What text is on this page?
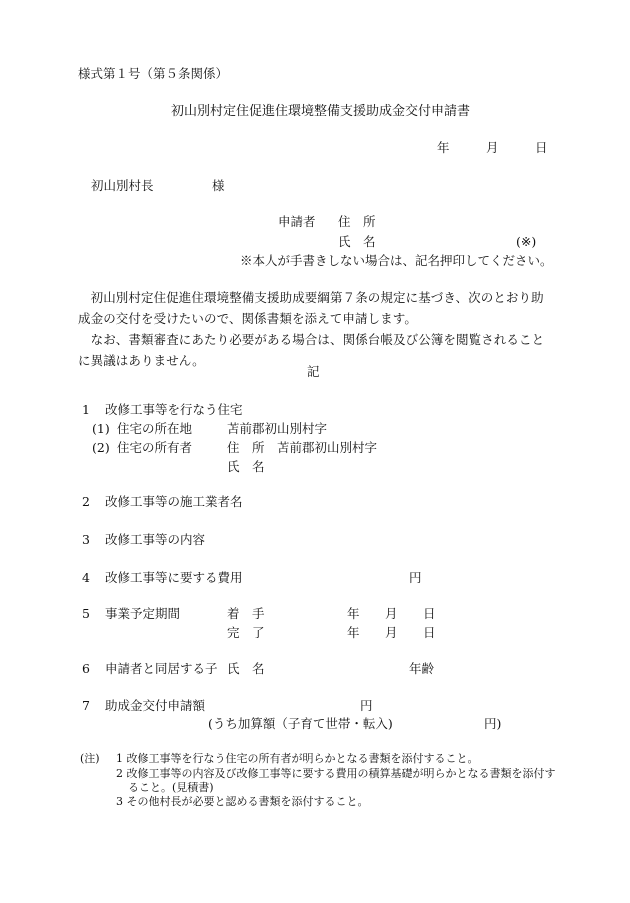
様式第１号（第５条関係）
初山別村定住促進住環境整備支援助成金交付申請書
年	月	日
初山別村長	様
申請者 住　所
氏　名	(※)
※本人が手書きしない場合は、記名押印してください。
　初山別村定住促進住環境整備支援助成要綱第７条の規定に基づき、次のとおり助成金の交付を受けたいので、関係書類を添えて申請します。
　なお、書類審査にあたり必要がある場合は、関係台帳及び公簿を閲覧されることに異議はありません。
記
1 改修工事等を行なう住宅
(1) 住宅の所在地	苫前郡初山別村字
(2) 住宅の所有者	住　所 苫前郡初山別村字
氏　名
2 改修工事等の施工業者名
3 改修工事等の内容
4 改修工事等に要する費用	円
5 事業予定期間	着　手	年 月 日
完　了	年 月 日
6 申請者と同居する子 氏　名	年齢
7 助成金交付申請額	円
(うち加算額（子育て世帯・転入)	円)
(注) 1 改修工事等を行なう住宅の所有者が明らかとなる書類を添付すること。
2 改修工事等の内容及び改修工事等に要する費用の積算基礎が明らかとなる書類を添付す
ること。(見積書)
3 その他村長が必要と認める書類を添付すること。
